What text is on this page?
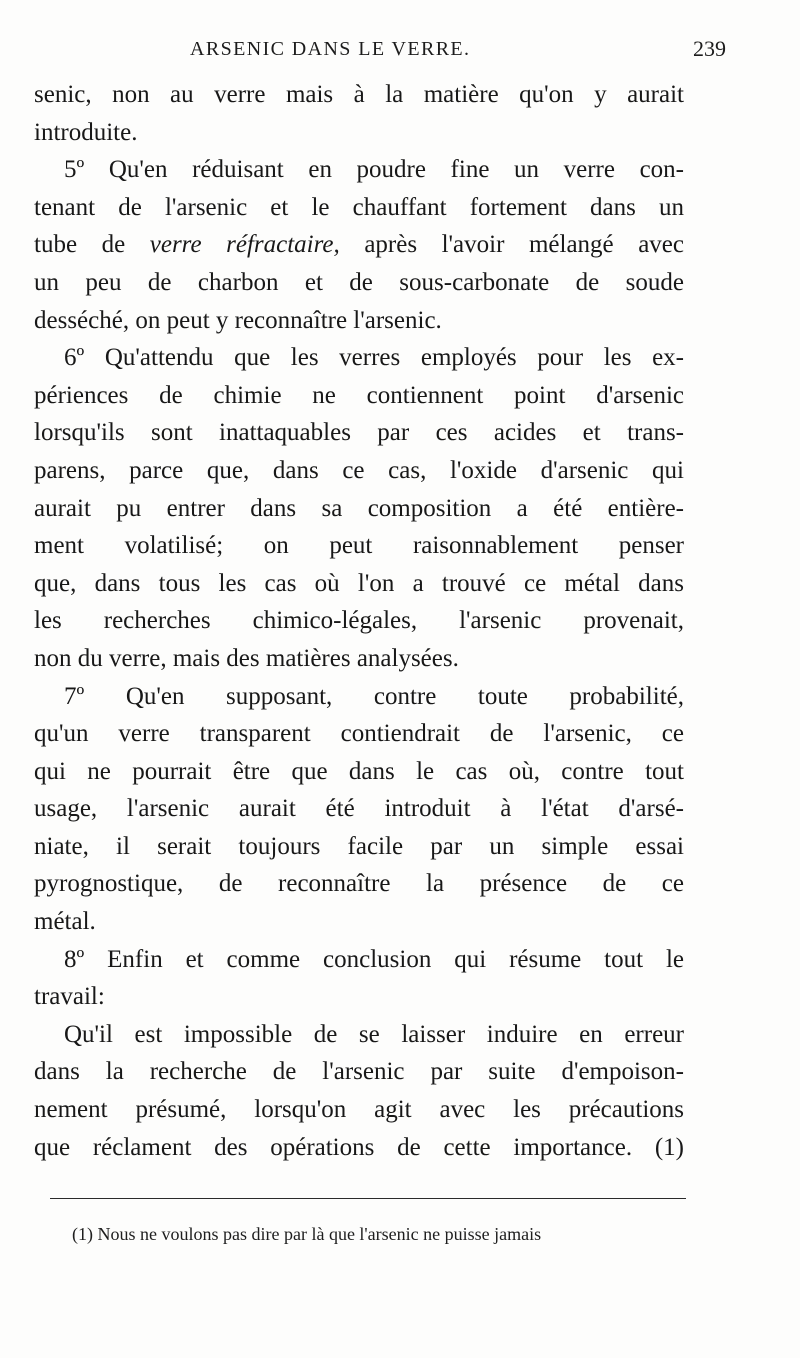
ARSENIC DANS LE VERRE.	239
senic, non au verre mais à la matière qu'on y aurait
introduite.
5º Qu'en réduisant en poudre fine un verre con-
tenant de l'arsenic et le chauffant fortement dans un
tube de verre réfractaire, après l'avoir mélangé avec
un peu de charbon et de sous-carbonate de soude
desséché, on peut y reconnaître l'arsenic.
6º Qu'attendu que les verres employés pour les ex-
périences de chimie ne contiennent point d'arsenic
lorsqu'ils sont inattaquables par ces acides et trans-
parens, parce que, dans ce cas, l'oxide d'arsenic qui
aurait pu entrer dans sa composition a été entière-
ment volatilisé; on peut raisonnablement penser
que, dans tous les cas où l'on a trouvé ce métal dans
les recherches chimico-légales, l'arsenic provenait,
non du verre, mais des matières analysées.
7º Qu'en supposant, contre toute probabilité,
qu'un verre transparent contiendrait de l'arsenic, ce
qui ne pourrait être que dans le cas où, contre tout
usage, l'arsenic aurait été introduit à l'état d'arsé-
niate, il serait toujours facile par un simple essai
pyrognostique, de reconnaître la présence de ce
métal.
8º Enfin et comme conclusion qui résume tout le
travail:
Qu'il est impossible de se laisser induire en erreur
dans la recherche de l'arsenic par suite d'empoison-
nement présumé, lorsqu'on agit avec les précautions
que réclament des opérations de cette importance. (1)
(1) Nous ne voulons pas dire par là que l'arsenic ne puisse jamais
